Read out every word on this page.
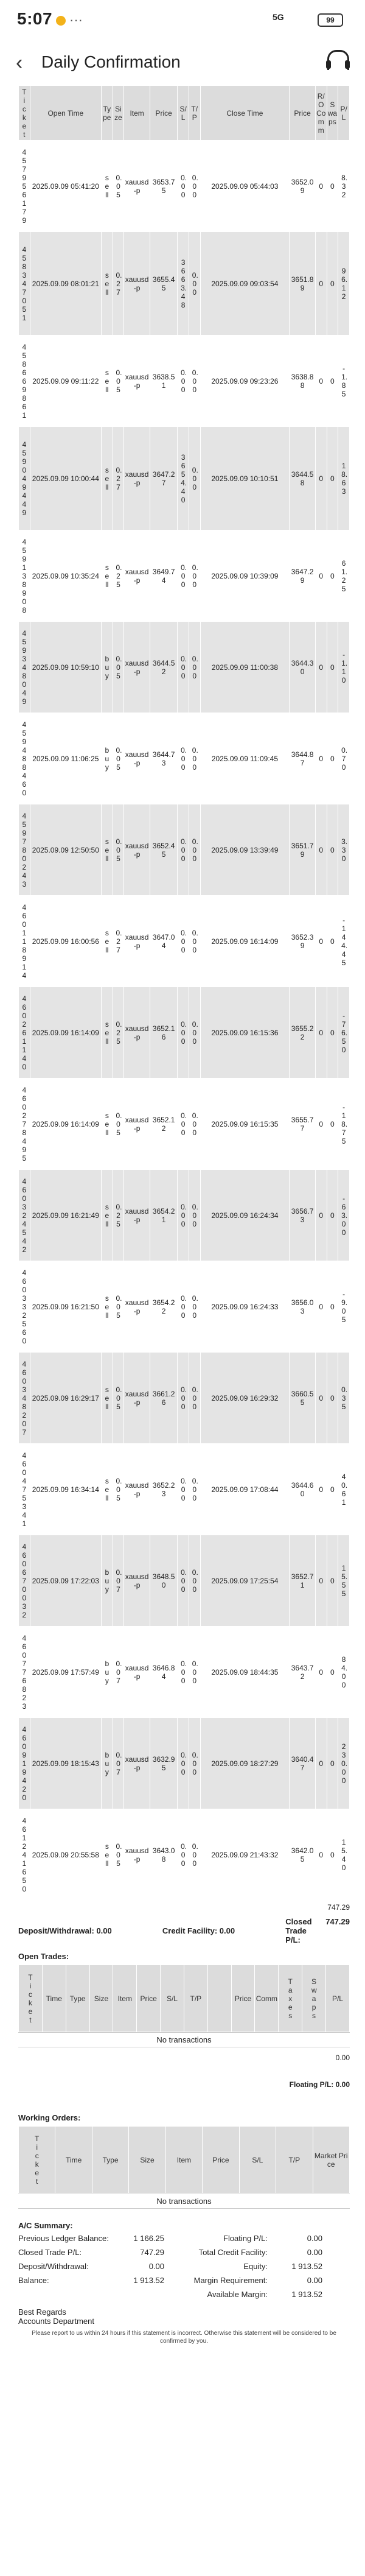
5:07 ···	5G	99
‹ Daily Confirmation
Ticket	Open Time	Type	Size	Item	Price	S/L	T/P	Close Time	Price	R/O Comm	Swaps	P/L
457956179	2025.09.09 05:41:20	sell	0.05	xauusd-p	3653.75	0.00	0.00	2025.09.09 05:44:03	3652.09	0	0	8.32
458347051	2025.09.09 08:01:21	sell	0.27	xauusd-p	3655.45	3663.48	0.00	2025.09.09 09:03:54	3651.89	0	0	96.12
458669861	2025.09.09 09:11:22	sell	0.05	xauusd-p	3638.51	0.00	0.00	2025.09.09 09:23:26	3638.88	0	0	-1.85
459049449	2025.09.09 10:00:44	sell	0.27	xauusd-p	3647.27	3654.40	0.00	2025.09.09 10:10:51	3644.58	0	0	18.63
459138908	2025.09.09 10:35:24	sell	0.25	xauusd-p	3649.74	0.00	0.00	2025.09.09 10:39:09	3647.29	0	0	61.25
459348049	2025.09.09 10:59:10	buy	0.05	xauusd-p	3644.52	0.00	0.00	2025.09.09 11:00:38	3644.30	0	0	-1.10
459488460	2025.09.09 11:06:25	buy	0.05	xauusd-p	3644.73	0.00	0.00	2025.09.09 11:09:45	3644.87	0	0	0.70
459780243	2025.09.09 12:50:50	sell	0.05	xauusd-p	3652.45	0.00	0.00	2025.09.09 13:39:49	3651.79	0	0	3.30
460118914	2025.09.09 16:00:56	sell	0.27	xauusd-p	3647.04	0.00	0.00	2025.09.09 16:14:09	3652.39	0	0	-144.45
460261140	2025.09.09 16:14:09	sell	0.25	xauusd-p	3652.16	0.00	0.00	2025.09.09 16:15:36	3655.22	0	0	-76.50
460278495	2025.09.09 16:14:09	sell	0.05	xauusd-p	3652.12	0.00	0.00	2025.09.09 16:15:35	3655.77	0	0	-18.75
460324542	2025.09.09 16:21:49	sell	0.25	xauusd-p	3654.21	0.00	0.00	2025.09.09 16:24:34	3656.73	0	0	-63.00
460332560	2025.09.09 16:21:50	sell	0.05	xauusd-p	3654.22	0.00	0.00	2025.09.09 16:24:33	3656.03	0	0	-9.05
460348207	2025.09.09 16:29:17	sell	0.05	xauusd-p	3661.26	0.00	0.00	2025.09.09 16:29:32	3660.55	0	0	0.35
460475341	2025.09.09 16:34:14	sell	0.05	xauusd-p	3652.23	0.00	0.00	2025.09.09 17:08:44	3644.60	0	0	40.61
460670032	2025.09.09 17:22:03	buy	0.07	xauusd-p	3648.50	0.00	0.00	2025.09.09 17:25:54	3652.71	0	0	15.55
460776823	2025.09.09 17:57:49	buy	0.07	xauusd-p	3646.84	0.00	0.00	2025.09.09 18:44:35	3643.72	0	0	84.00
460919420	2025.09.09 18:15:43	buy	0.07	xauusd-p	3632.95	0.00	0.00	2025.09.09 18:27:29	3640.47	0	0	230.00
461241650	2025.09.09 20:55:58	sell	0.05	xauusd-p	3643.08	0.00	0.00	2025.09.09 21:43:32	3642.05	0	0	15.40
747.29
Deposit/Withdrawal: 0.00	Credit Facility: 0.00
Closed Trade P/L:
747.29
Open Trades:
Ticket	Time	Type	Size	Item	Price	S/L	T/P		Price	Comm	Taxes	Swaps	P/L
No transactions
0.00
Floating P/L: 0.00
Working Orders:
Ticket	Time	Type	Size	Item	Price	S/L	T/P	Market Price
No transactions
A/C Summary:
Previous Ledger Balance:	1 166.25	Floating P/L:	0.00
Closed Trade P/L:	747.29	Total Credit Facility:	0.00
Deposit/Withdrawal:	0.00	Equity:	1 913.52
Balance:	1 913.52	Margin Requirement:	0.00
Available Margin:	1 913.52
Best Regards
Accounts Department
Please report to us within 24 hours if this statement is incorrect. Otherwise this statement will be considered to be confirmed by you.
